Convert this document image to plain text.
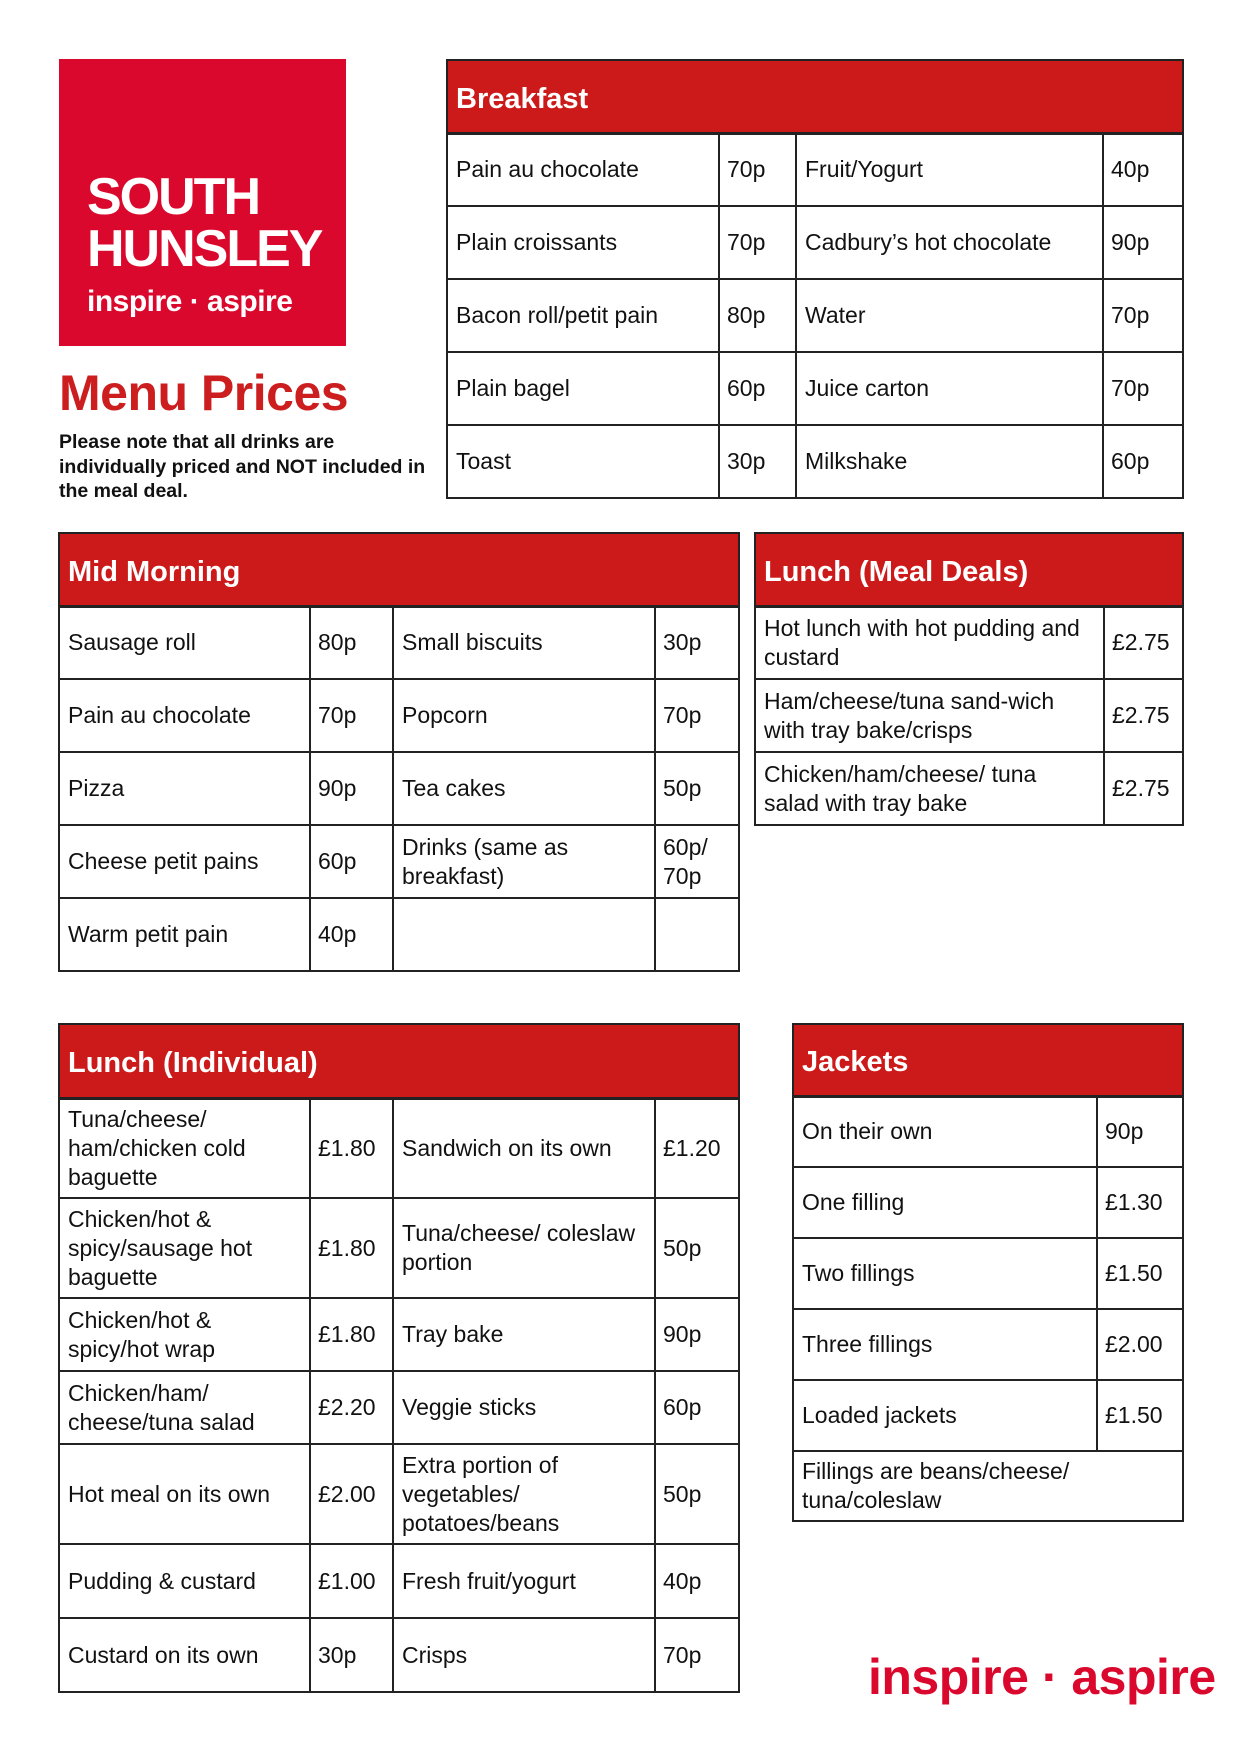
SOUTH
HUNSLEY
inspire · aspire
Menu Prices
Please note that all drinks are individually priced and NOT included in the meal deal.
Breakfast			
Pain au chocolate	70p	Fruit/Yogurt	40p
Plain croissants	70p	Cadbury’s hot chocolate	90p
Bacon roll/petit pain	80p	Water	70p
Plain bagel	60p	Juice carton	70p
Toast	30p	Milkshake	60p
Mid Morning			
Sausage roll	80p	Small biscuits	30p
Pain au chocolate	70p	Popcorn	70p
Pizza	90p	Tea cakes	50p
Cheese petit pains	60p	Drinks (same as breakfast)	60p/ 70p
Warm petit pain	40p		
Lunch (Meal Deals)	
Hot lunch with hot pudding and custard	£2.75
Ham/cheese/tuna sand-wich with tray bake/crisps	£2.75
Chicken/ham/cheese/ tuna salad with tray bake	£2.75
Lunch (Individual)			
Tuna/cheese/ ham/chicken cold baguette	£1.80	Sandwich on its own	£1.20
Chicken/hot & spicy/sausage hot baguette	£1.80	Tuna/cheese/ coleslaw portion	50p
Chicken/hot & spicy/hot wrap	£1.80	Tray bake	90p
Chicken/ham/ cheese/tuna salad	£2.20	Veggie sticks	60p
Hot meal on its own	£2.00	Extra portion of vegetables/ potatoes/beans	50p
Pudding & custard	£1.00	Fresh fruit/yogurt	40p
Custard on its own	30p	Crisps	70p
Jackets	
On their own	90p
One filling	£1.30
Two fillings	£1.50
Three fillings	£2.00
Loaded jackets	£1.50
Fillings are beans/cheese/ tuna/coleslaw	
inspire · aspire
